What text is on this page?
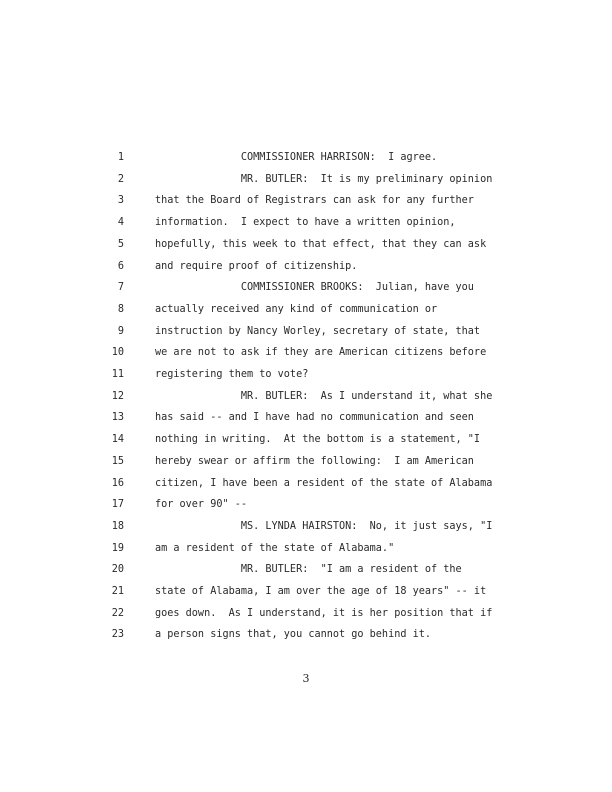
1	COMMISSIONER HARRISON:  I agree.
2	MR. BUTLER:  It is my preliminary opinion
3	that the Board of Registrars can ask for any further
4	information.  I expect to have a written opinion,
5	hopefully, this week to that effect, that they can ask
6	and require proof of citizenship.
7	COMMISSIONER BROOKS:  Julian, have you
8	actually received any kind of communication or
9	instruction by Nancy Worley, secretary of state, that
10	we are not to ask if they are American citizens before
11	registering them to vote?
12	MR. BUTLER:  As I understand it, what she
13	has said -- and I have had no communication and seen
14	nothing in writing.  At the bottom is a statement, "I
15	hereby swear or affirm the following:  I am American
16	citizen, I have been a resident of the state of Alabama
17	for over 90" --
18	MS. LYNDA HAIRSTON:  No, it just says, "I
19	am a resident of the state of Alabama."
20	MR. BUTLER:  "I am a resident of the
21	state of Alabama, I am over the age of 18 years" -- it
22	goes down.  As I understand, it is her position that if
23	a person signs that, you cannot go behind it.
3
